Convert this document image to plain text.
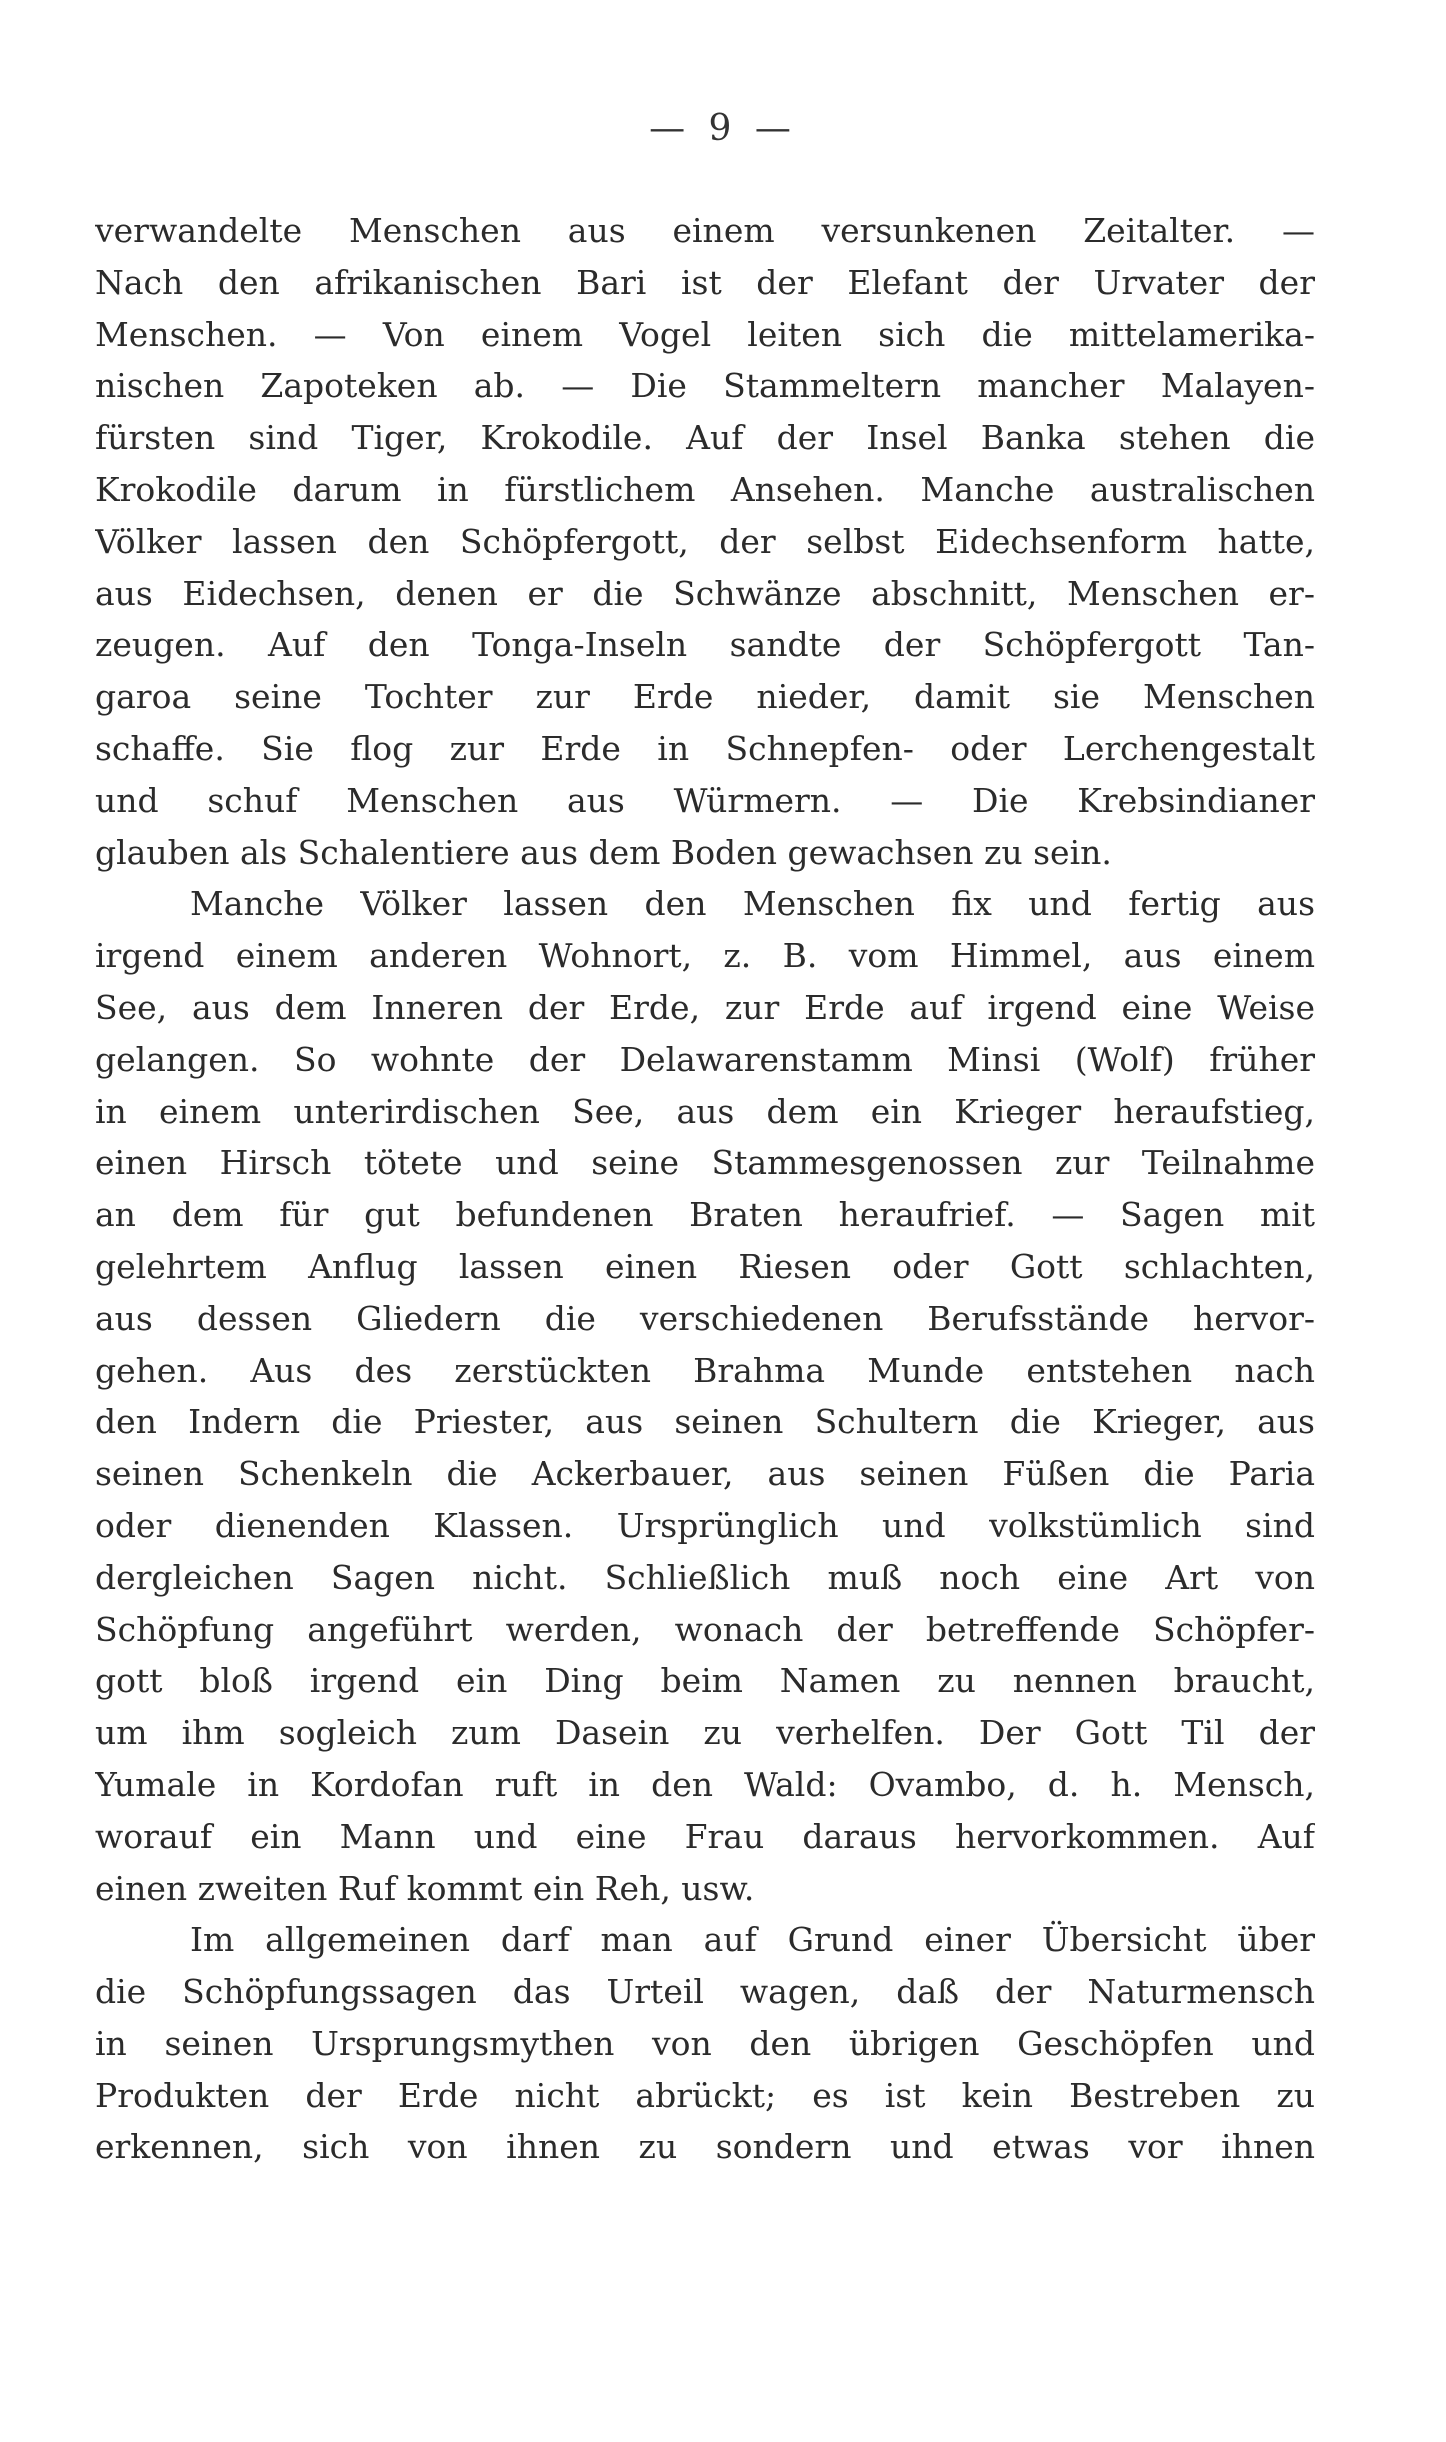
— 9 —
verwandelte Menschen aus einem versunkenen Zeitalter. —
Nach den afrikanischen Bari ist der Elefant der Urvater der
Menschen. — Von einem Vogel leiten sich die mittelamerika-
nischen Zapoteken ab. — Die Stammeltern mancher Malayen-
fürsten sind Tiger, Krokodile. Auf der Insel Banka stehen die
Krokodile darum in fürstlichem Ansehen. Manche australischen
Völker lassen den Schöpfergott, der selbst Eidechsenform hatte,
aus Eidechsen, denen er die Schwänze abschnitt, Menschen er-
zeugen. Auf den Tonga-Inseln sandte der Schöpfergott Tan-
garoa seine Tochter zur Erde nieder, damit sie Menschen
schaffe. Sie flog zur Erde in Schnepfen- oder Lerchengestalt
und schuf Menschen aus Würmern. — Die Krebsindianer
glauben als Schalentiere aus dem Boden gewachsen zu sein.
Manche Völker lassen den Menschen fix und fertig aus
irgend einem anderen Wohnort, z. B. vom Himmel, aus einem
See, aus dem Inneren der Erde, zur Erde auf irgend eine Weise
gelangen. So wohnte der Delawarenstamm Minsi (Wolf) früher
in einem unterirdischen See, aus dem ein Krieger heraufstieg,
einen Hirsch tötete und seine Stammesgenossen zur Teilnahme
an dem für gut befundenen Braten heraufrief. — Sagen mit
gelehrtem Anflug lassen einen Riesen oder Gott schlachten,
aus dessen Gliedern die verschiedenen Berufsstände hervor-
gehen. Aus des zerstückten Brahma Munde entstehen nach
den Indern die Priester, aus seinen Schultern die Krieger, aus
seinen Schenkeln die Ackerbauer, aus seinen Füßen die Paria
oder dienenden Klassen. Ursprünglich und volkstümlich sind
dergleichen Sagen nicht. Schließlich muß noch eine Art von
Schöpfung angeführt werden, wonach der betreffende Schöpfer-
gott bloß irgend ein Ding beim Namen zu nennen braucht,
um ihm sogleich zum Dasein zu verhelfen. Der Gott Til der
Yumale in Kordofan ruft in den Wald: Ovambo, d. h. Mensch,
worauf ein Mann und eine Frau daraus hervorkommen. Auf
einen zweiten Ruf kommt ein Reh, usw.
Im allgemeinen darf man auf Grund einer Übersicht über
die Schöpfungssagen das Urteil wagen, daß der Naturmensch
in seinen Ursprungsmythen von den übrigen Geschöpfen und
Produkten der Erde nicht abrückt; es ist kein Bestreben zu
erkennen, sich von ihnen zu sondern und etwas vor ihnen
